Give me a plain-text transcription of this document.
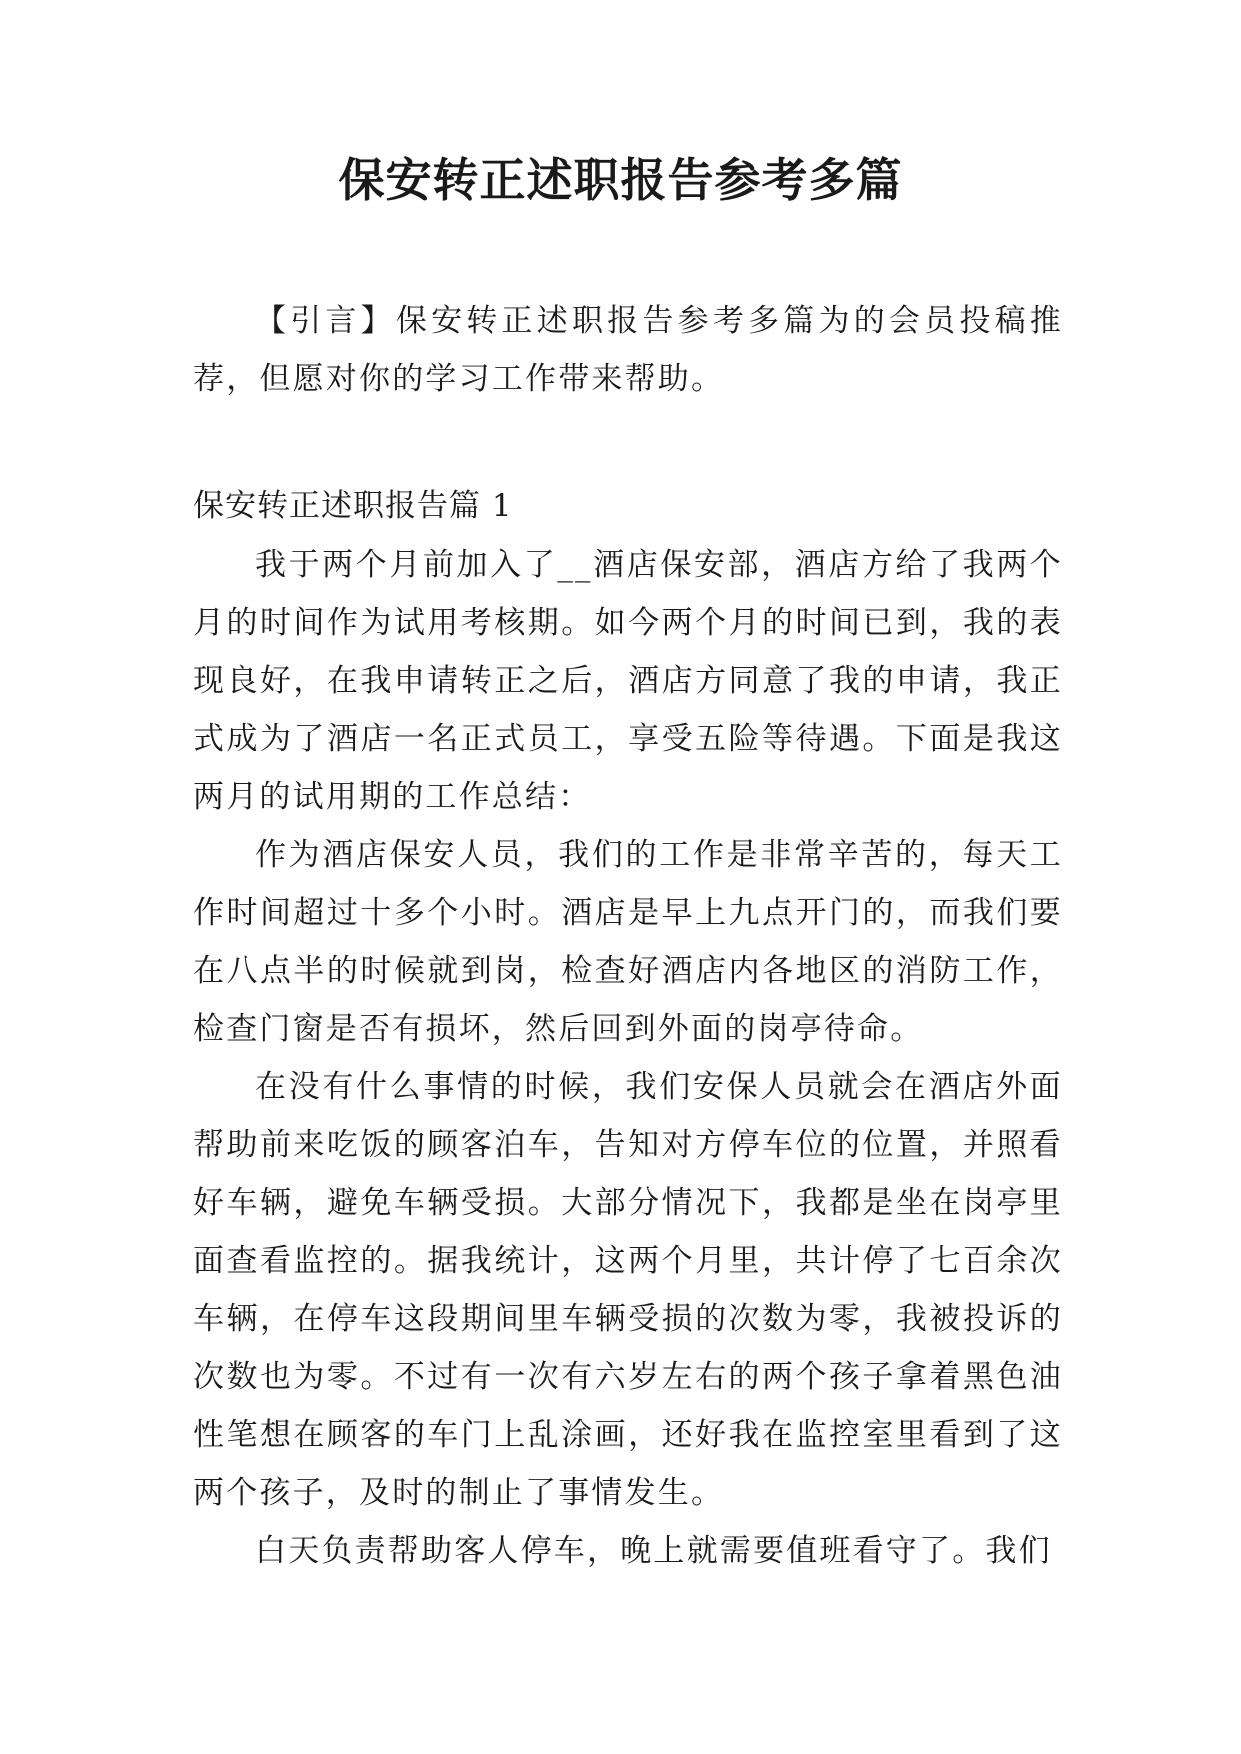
保安转正述职报告参考多篇

【引言】保安转正述职报告参考多篇为的会员投稿推荐，但愿对你的学习工作带来帮助。

保安转正述职报告篇 1

我于两个月前加入了__酒店保安部，酒店方给了我两个月的时间作为试用考核期。如今两个月的时间已到，我的表现良好，在我申请转正之后，酒店方同意了我的申请，我正式成为了酒店一名正式员工，享受五险等待遇。下面是我这两月的试用期的工作总结：

作为酒店保安人员，我们的工作是非常辛苦的，每天工作时间超过十多个小时。酒店是早上九点开门的，而我们要在八点半的时候就到岗，检查好酒店内各地区的消防工作，检查门窗是否有损坏，然后回到外面的岗亭待命。

在没有什么事情的时候，我们安保人员就会在酒店外面帮助前来吃饭的顾客泊车，告知对方停车位的位置，并照看好车辆，避免车辆受损。大部分情况下，我都是坐在岗亭里面查看监控的。据我统计，这两个月里，共计停了七百余次车辆，在停车这段期间里车辆受损的次数为零，我被投诉的次数也为零。不过有一次有六岁左右的两个孩子拿着黑色油性笔想在顾客的车门上乱涂画，还好我在监控室里看到了这两个孩子，及时的制止了事情发生。

白天负责帮助客人停车，晚上就需要值班看守了。我们
